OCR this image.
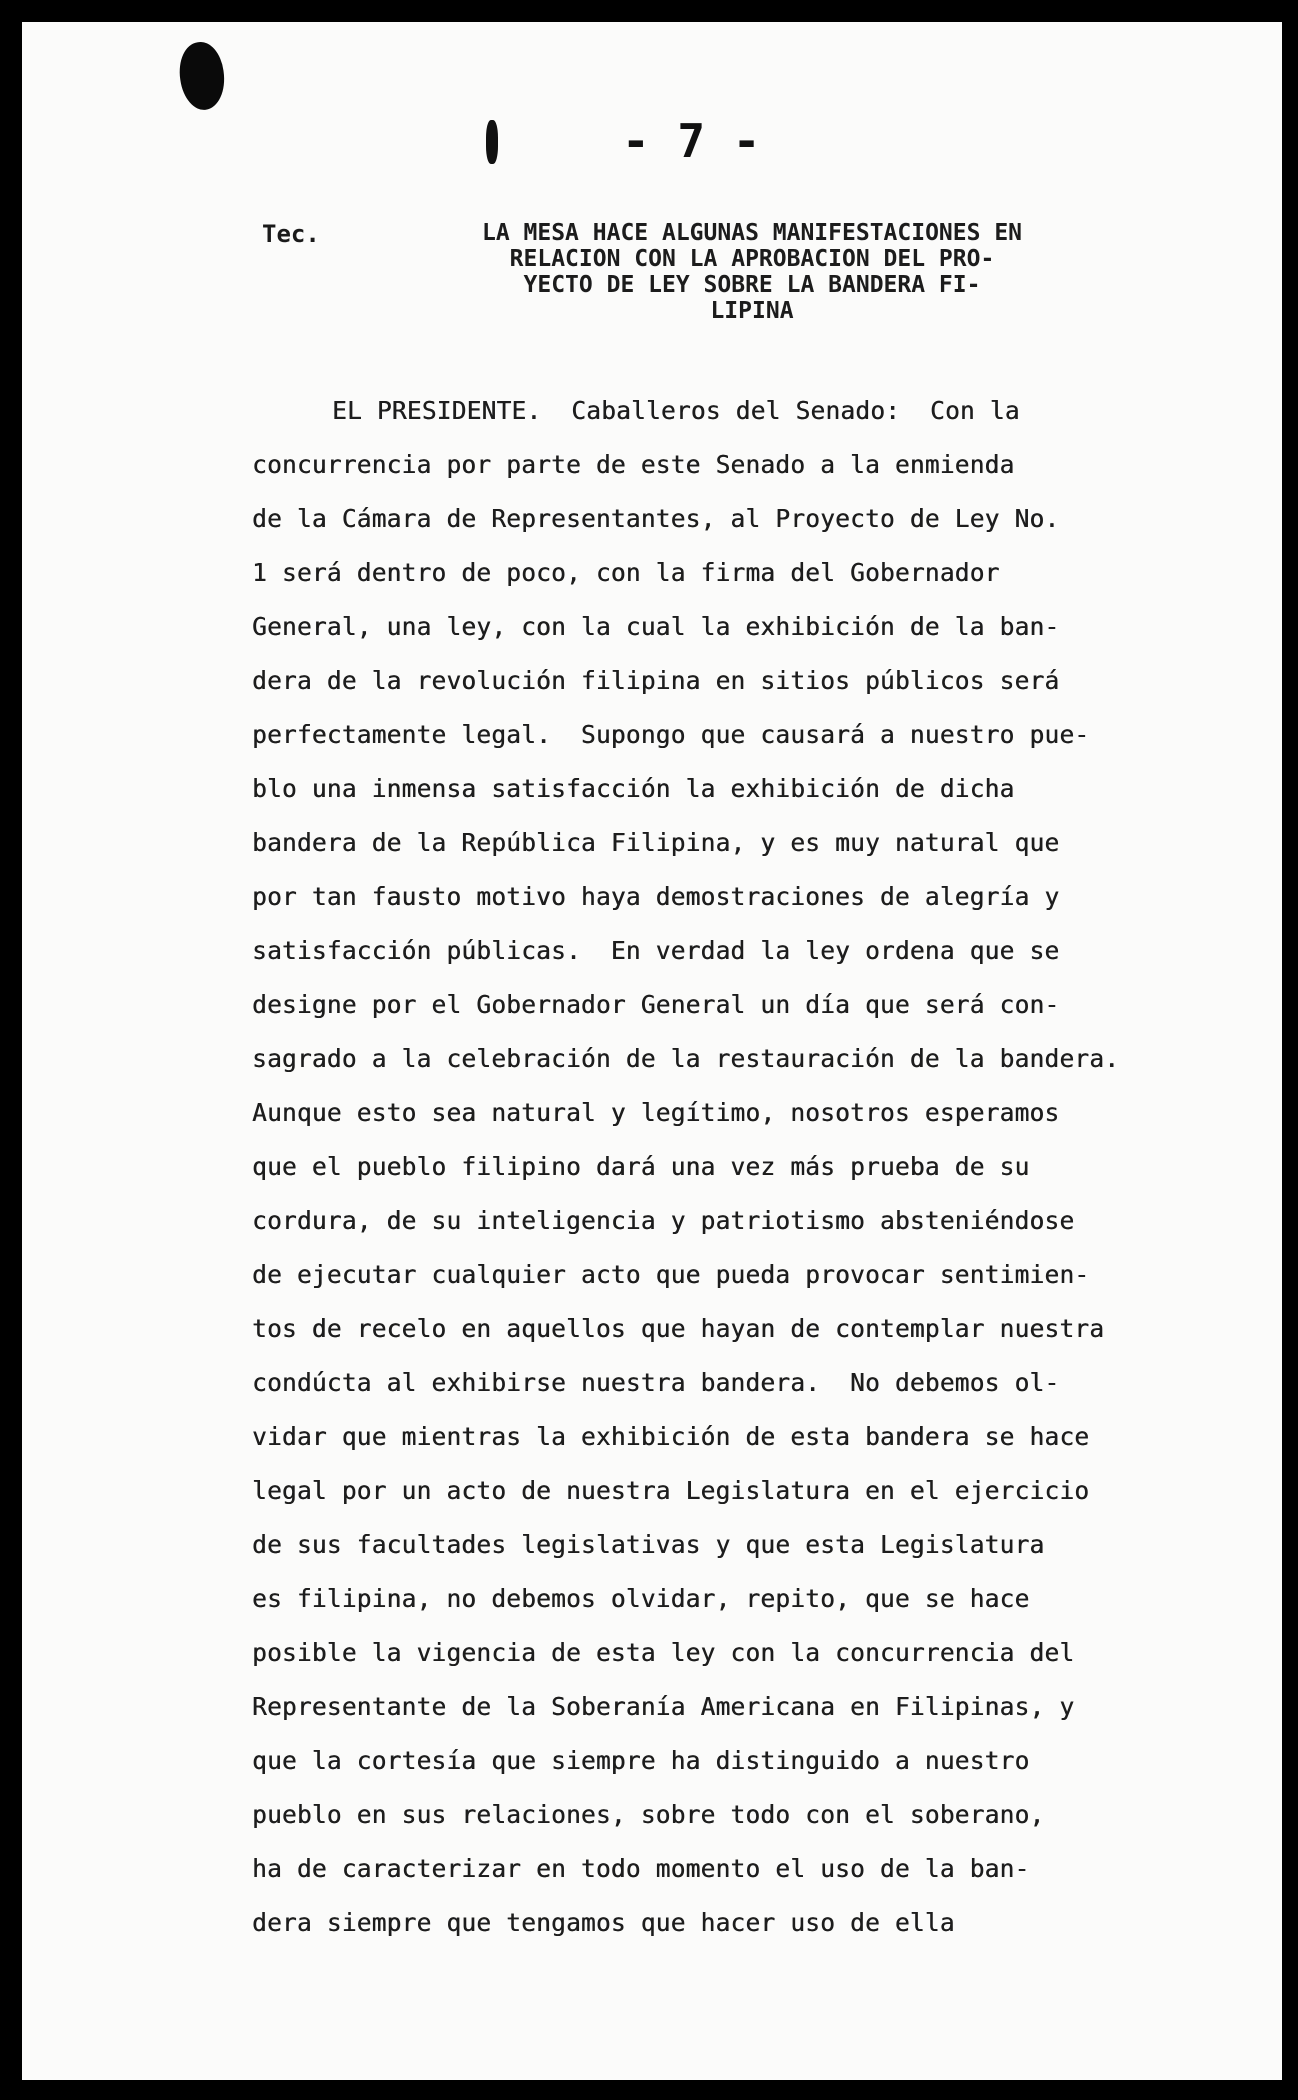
- 7 -
Tec.	LA MESA HACE ALGUNAS MANIFESTACIONES EN
RELACION CON LA APROBACION DEL PRO-
YECTO DE LEY SOBRE LA BANDERA FI-
LIPINA
EL PRESIDENTE.  Caballeros del Senado:  Con la
concurrencia por parte de este Senado a la enmienda
de la Cámara de Representantes, al Proyecto de Ley No.
1 será dentro de poco, con la firma del Gobernador
General, una ley, con la cual la exhibición de la ban-
dera de la revolución filipina en sitios públicos será
perfectamente legal.  Supongo que causará a nuestro pue-
blo una inmensa satisfacción la exhibición de dicha
bandera de la República Filipina, y es muy natural que
por tan fausto motivo haya demostraciones de alegría y
satisfacción públicas.  En verdad la ley ordena que se
designe por el Gobernador General un día que será con-
sagrado a la celebración de la restauración de la bandera.
Aunque esto sea natural y legítimo, nosotros esperamos
que el pueblo filipino dará una vez más prueba de su
cordura, de su inteligencia y patriotismo absteniéndose
de ejecutar cualquier acto que pueda provocar sentimien-
tos de recelo en aquellos que hayan de contemplar nuestra
condúcta al exhibirse nuestra bandera.  No debemos ol-
vidar que mientras la exhibición de esta bandera se hace
legal por un acto de nuestra Legislatura en el ejercicio
de sus facultades legislativas y que esta Legislatura
es filipina, no debemos olvidar, repito, que se hace
posible la vigencia de esta ley con la concurrencia del
Representante de la Soberanía Americana en Filipinas, y
que la cortesía que siempre ha distinguido a nuestro
pueblo en sus relaciones, sobre todo con el soberano,
ha de caracterizar en todo momento el uso de la ban-
dera siempre que tengamos que hacer uso de ella
